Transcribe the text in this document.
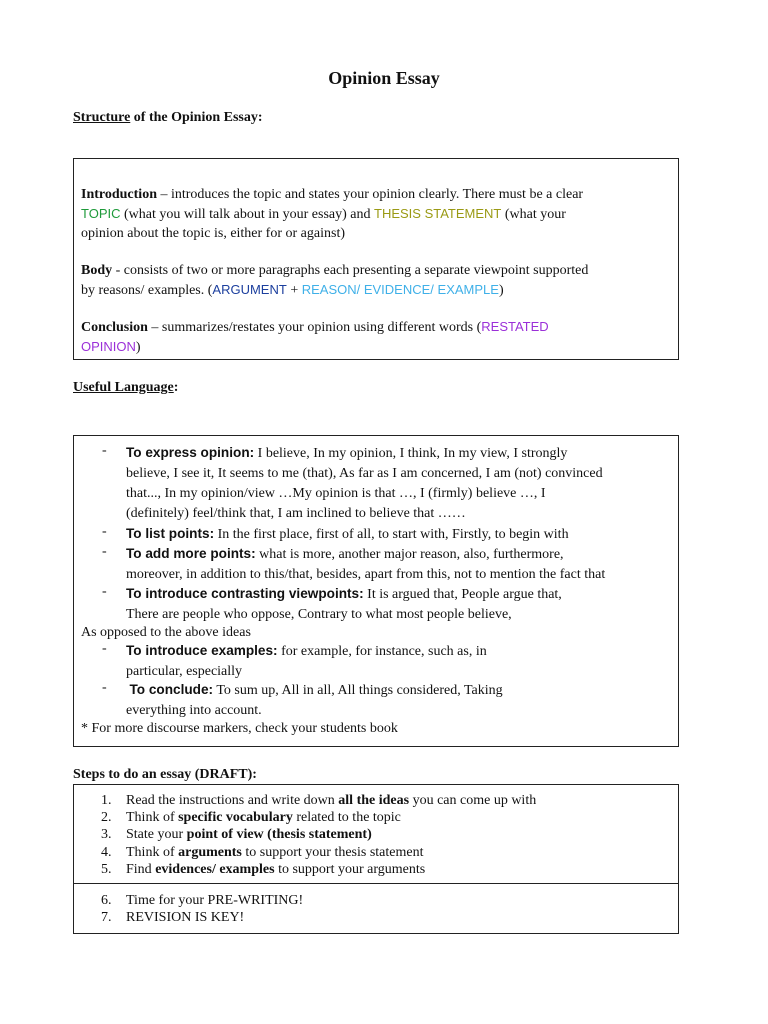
Opinion Essay
Structure of the Opinion Essay:
Introduction – introduces the topic and states your opinion clearly. There must be a clear
TOPIC (what you will talk about in your essay) and THESIS STATEMENT (what your
opinion about the topic is, either for or against)
Body - consists of two or more paragraphs each presenting a separate viewpoint supported
by reasons/ examples. (ARGUMENT + REASON/ EVIDENCE/ EXAMPLE)
Conclusion – summarizes/restates your opinion using different words (RESTATED
OPINION)
Useful Language:
- To express opinion: I believe, In my opinion, I think, In my view, I strongly
believe, I see it, It seems to me (that), As far as I am concerned, I am (not) convinced
that..., In my opinion/view …My opinion is that …, I (firmly) believe …, I
(definitely) feel/think that, I am inclined to believe that ……
- To list points: In the first place, first of all, to start with, Firstly, to begin with
- To add more points: what is more, another major reason, also, furthermore,
moreover, in addition to this/that, besides, apart from this, not to mention the fact that
- To introduce contrasting viewpoints: It is argued that, People argue that,
There are people who oppose, Contrary to what most people believe,
As opposed to the above ideas
- To introduce examples: for example, for instance, such as, in
particular, especially
- To conclude: To sum up, All in all, All things considered, Taking
everything into account.
* For more discourse markers, check your students book
Steps to do an essay (DRAFT):
1.	Read the instructions and write down all the ideas you can come up with
2.	Think of specific vocabulary related to the topic
3.	State your point of view (thesis statement)
4.	Think of arguments to support your thesis statement
5.	Find evidences/ examples to support your arguments
6.	Time for your PRE-WRITING!
7.	REVISION IS KEY!
